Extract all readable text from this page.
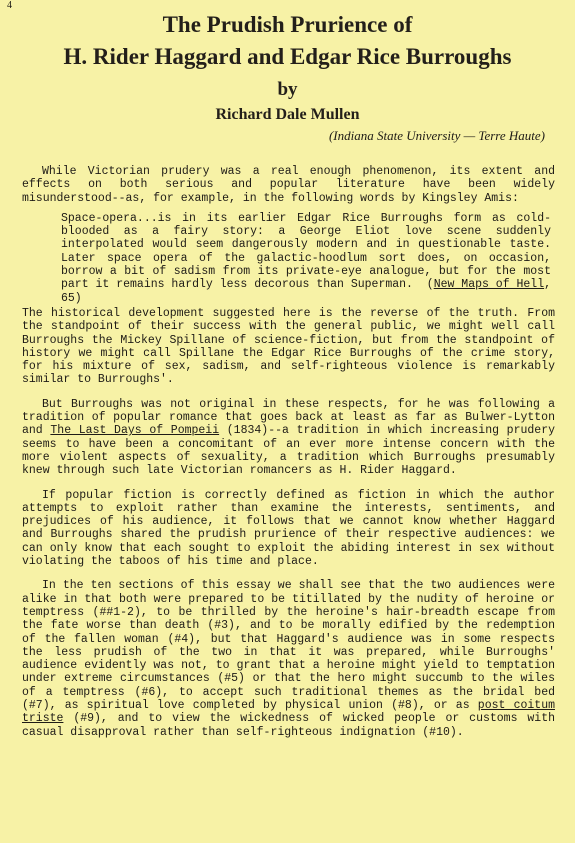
4
The Prudish Prurience of
H. Rider Haggard and Edgar Rice Burroughs
by
Richard Dale Mullen
(Indiana State University — Terre Haute)

While Victorian prudery was a real enough phenomenon, its extent and effects on both serious and popular literature have been widely misunderstood--as, for example, in the following words by Kingsley Amis:

Space-opera...is in its earlier Edgar Rice Burroughs form as cold-blooded as a fairy story: a George Eliot love scene suddenly interpolated would seem dangerously modern and in questionable taste. Later space opera of the galactic-hoodlum sort does, on occasion, borrow a bit of sadism from its private-eye analogue, but for the most part it remains hardly less decorous than Superman. (New Maps of Hell, 65)

The historical development suggested here is the reverse of the truth. From the standpoint of their success with the general public, we might well call Burroughs the Mickey Spillane of science-fiction, but from the standpoint of history we might call Spillane the Edgar Rice Burroughs of the crime story, for his mixture of sex, sadism, and self-righteous violence is remarkably similar to Burroughs'.

But Burroughs was not original in these respects, for he was following a tradition of popular romance that goes back at least as far as Bulwer-Lytton and The Last Days of Pompeii (1834)--a tradition in which increasing prudery seems to have been a concomitant of an ever more intense concern with the more violent aspects of sexuality, a tradition which Burroughs presumably knew through such late Victorian romancers as H. Rider Haggard.

If popular fiction is correctly defined as fiction in which the author attempts to exploit rather than examine the interests, sentiments, and prejudices of his audience, it follows that we cannot know whether Haggard and Burroughs shared the prudish prurience of their respective audiences: we can only know that each sought to exploit the abiding interest in sex without violating the taboos of his time and place.

In the ten sections of this essay we shall see that the two audiences were alike in that both were prepared to be titillated by the nudity of heroine or temptress (##1-2), to be thrilled by the heroine's hair-breadth escape from the fate worse than death (#3), and to be morally edified by the redemption of the fallen woman (#4), but that Haggard's audience was in some respects the less prudish of the two in that it was prepared, while Burroughs' audience evidently was not, to grant that a heroine might yield to temptation under extreme circumstances (#5) or that the hero might succumb to the wiles of a temptress (#6), to accept such traditional themes as the bridal bed (#7), as spiritual love completed by physical union (#8), or as post coitum triste (#9), and to view the wickedness of wicked people or customs with casual disapproval rather than self-righteous indignation (#10).
